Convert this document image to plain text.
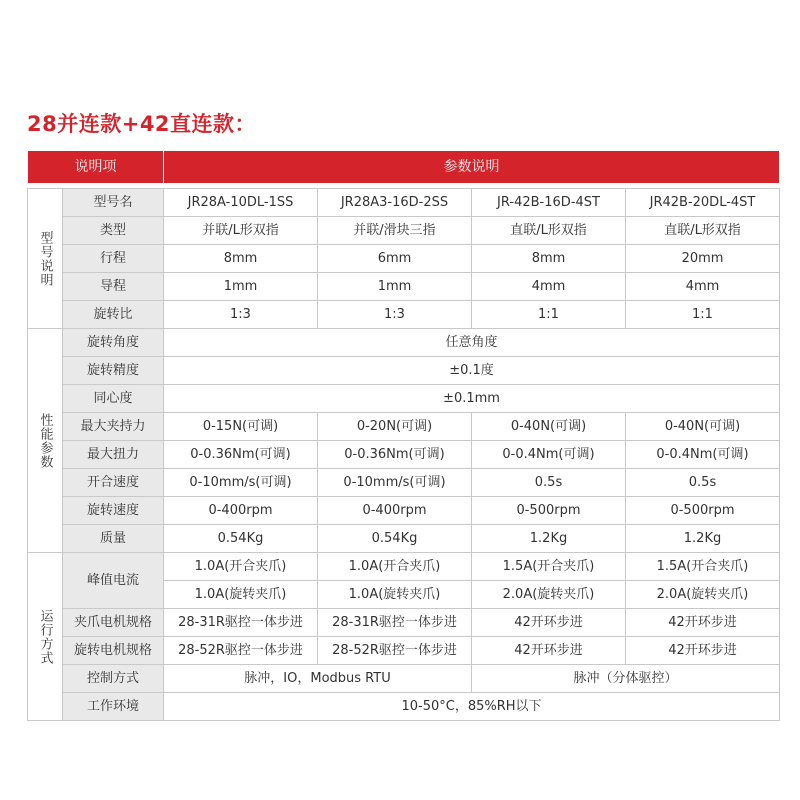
28并连款+42直连款：
说明项		参数说明			

型号说明	型号名	JR28A-10DL-1SS	JR28A3-16D-2SS	JR-42B-16D-4ST	JR42B-20DL-4ST
	类型	并联/L形双指	并联/滑块三指	直联/L形双指	直联/L形双指
	行程	8mm	6mm	8mm	20mm
	导程	1mm	1mm	4mm	4mm
	旋转比	1:3	1:3	1:1	1:1
性能参数	旋转角度	任意角度			
	旋转精度	±0.1度			
	同心度	±0.1mm			
	最大夹持力	0-15N(可调)	0-20N(可调)	0-40N(可调)	0-40N(可调)
	最大扭力	0-0.36Nm(可调)	0-0.36Nm(可调)	0-0.4Nm(可调)	0-0.4Nm(可调)
	开合速度	0-10mm/s(可调)	0-10mm/s(可调)	0.5s	0.5s
	旋转速度	0-400rpm	0-400rpm	0-500rpm	0-500rpm
	质量	0.54Kg	0.54Kg	1.2Kg	1.2Kg
运行方式	峰值电流	1.0A(开合夹爪)	1.0A(开合夹爪)	1.5A(开合夹爪)	1.5A(开合夹爪)
		1.0A(旋转夹爪)	1.0A(旋转夹爪)	2.0A(旋转夹爪)	2.0A(旋转夹爪)
	夹爪电机规格	28-31R驱控一体步进	28-31R驱控一体步进	42开环步进	42开环步进
	旋转电机规格	28-52R驱控一体步进	28-52R驱控一体步进	42开环步进	42开环步进
	控制方式	脉冲，IO，Modbus RTU		脉冲（分体驱控）	
	工作环境	10-50°C，85%RH以下			
